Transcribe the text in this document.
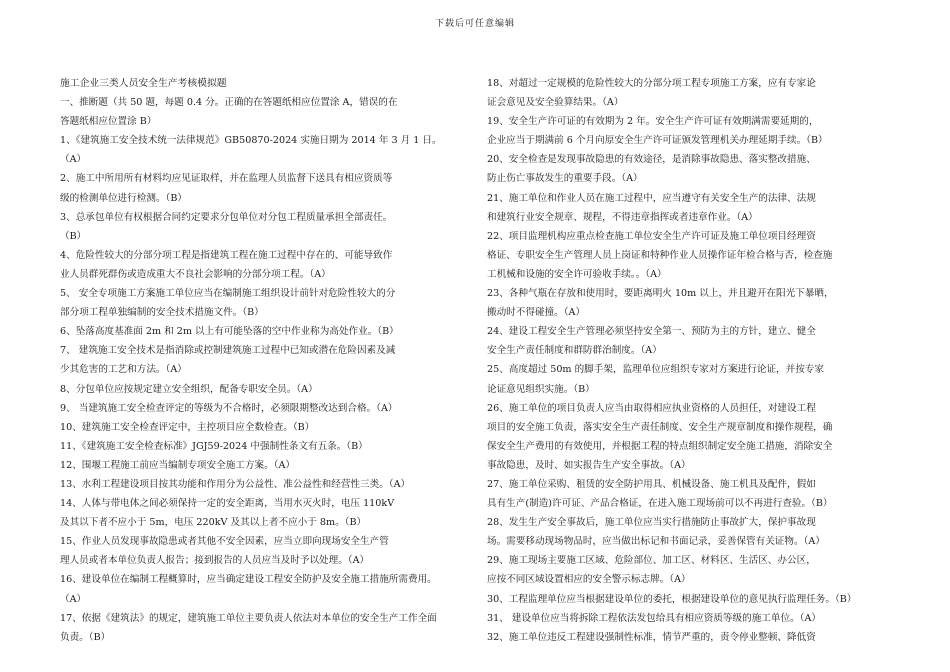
下载后可任意编辑
施工企业三类人员安全生产考核模拟题
一、推断题（共 50 题，每题 0.4 分。正确的在答题纸相应位置涂 A，错误的在
答题纸相应位置涂 B）
1、《建筑施工安全技术统一法律规范》GB50870-2024 实施日期为 2014 年 3 月 1 日。
（A）
2、施工中所用所有材料均应见证取样，并在监理人员监督下送具有相应资质等
级的检测单位进行检测。（B）
3、总承包单位有权根据合同约定要求分包单位对分包工程质量承担全部责任。
（B）
4、危险性较大的分部分项工程是指建筑工程在施工过程中存在的、可能导致作
业人员群死群伤或造成重大不良社会影响的分部分项工程。（A）
5、 安全专项施工方案施工单位应当在编制施工组织设计前针对危险性较大的分
部分项工程单独编制的安全技术措施文件。（B）
6、坠落高度基准面 2m 和 2m 以上有可能坠落的空中作业称为高处作业。（B）
7、 建筑施工安全技术是指消除或控制建筑施工过程中已知或潜在危险因素及减
少其危害的工艺和方法。（A）
8、分包单位应按规定建立安全组织，配备专职安全员。（A）
9、 当建筑施工安全检查评定的等级为不合格时，必须限期整改达到合格。（A）
10、建筑施工安全检查评定中，主控项目应全数检查。（B）
11、《建筑施工安全检查标准》JGJ59-2024 中强制性条文有五条。（B）
12、围堰工程施工前应当编制专项安全施工方案。（A）
13、水利工程建设项目按其功能和作用分为公益性、准公益性和经营性三类。（A）
14、人体与带电体之间必须保持一定的安全距离，当用水灭火时，电压 110kV
及其以下者不应小于 5m，电压 220kV 及其以上者不应小于 8m。（B）
15、作业人员发现事故隐患或者其他不安全因素，应当立即向现场安全生产管
理人员或者本单位负责人报告；接到报告的人员应当及时予以处理。（A）
16、建设单位在编制工程概算时，应当确定建设工程安全防护及安全施工措施所需费用。
（A）
17、依据《建筑法》的规定，建筑施工单位主要负责人依法对本单位的安全生产工作全面
负责。（B）
18、对超过一定规模的危险性较大的分部分项工程专项施工方案，应有专家论
证会意见及安全验算结果。（A）
19、安全生产许可证的有效期为 2 年。安全生产许可证有效期满需要延期的，
企业应当于期满前 6 个月向原安全生产许可证颁发管理机关办理延期手续。（B）
20、安全检查是发现事故隐患的有效途径，是消除事故隐患、落实整改措施、
防止伤亡事故发生的重要手段。（A）
21、施工单位和作业人员在施工过程中，应当遵守有关安全生产的法律、法规
和建筑行业安全规章、规程，不得违章指挥或者违章作业。（A）
22、项目监理机构应重点检查施工单位安全生产许可证及施工单位项目经理资
格证、专职安全生产管理人员上岗证和特种作业人员操作证年检合格与否，检查施
工机械和设施的安全许可验收手续。。（A）
23、各种气瓶在存放和使用时，要距离明火 10m 以上，并且避开在阳光下暴晒，
搬动时不得碰撞。（A）
24、建设工程安全生产管理必须坚持安全第一、预防为主的方针，建立、健全
安全生产责任制度和群防群治制度。（A）
25、高度超过 50m 的脚手架，监理单位应组织专家对方案进行论证，并按专家
论证意见组织实施。（B）
26、施工单位的项目负责人应当由取得相应执业资格的人员担任，对建设工程
项目的安全施工负责，落实安全生产责任制度、安全生产规章制度和操作规程，确
保安全生产费用的有效使用，并根据工程的特点组织制定安全施工措施，消除安全
事故隐患，及时、如实报告生产安全事故。（A）
27、施工单位采购、租赁的安全防护用具、机械设备、施工机具及配件，假如
具有生产(制造)许可证、产品合格证，在进入施工现场前可以不再进行查验。（B）
28、发生生产安全事故后，施工单位应当实行措施防止事故扩大，保护事故现
场。需要移动现场物品时，应当做出标记和书面记录，妥善保管有关证物。（A）
29、施工现场主要施工区域、危险部位、加工区、材料区、生活区、办公区，
应按不同区域设置相应的安全警示标志牌。（A）
30、工程监理单位应当根据建设单位的委托，根据建设单位的意见执行监理任务。（B）
31、 建设单位应当将拆除工程依法发包给具有相应资质等级的施工单位。（A）
32、施工单位违反工程建设强制性标准，情节严重的，责令停业整顿、降低资
